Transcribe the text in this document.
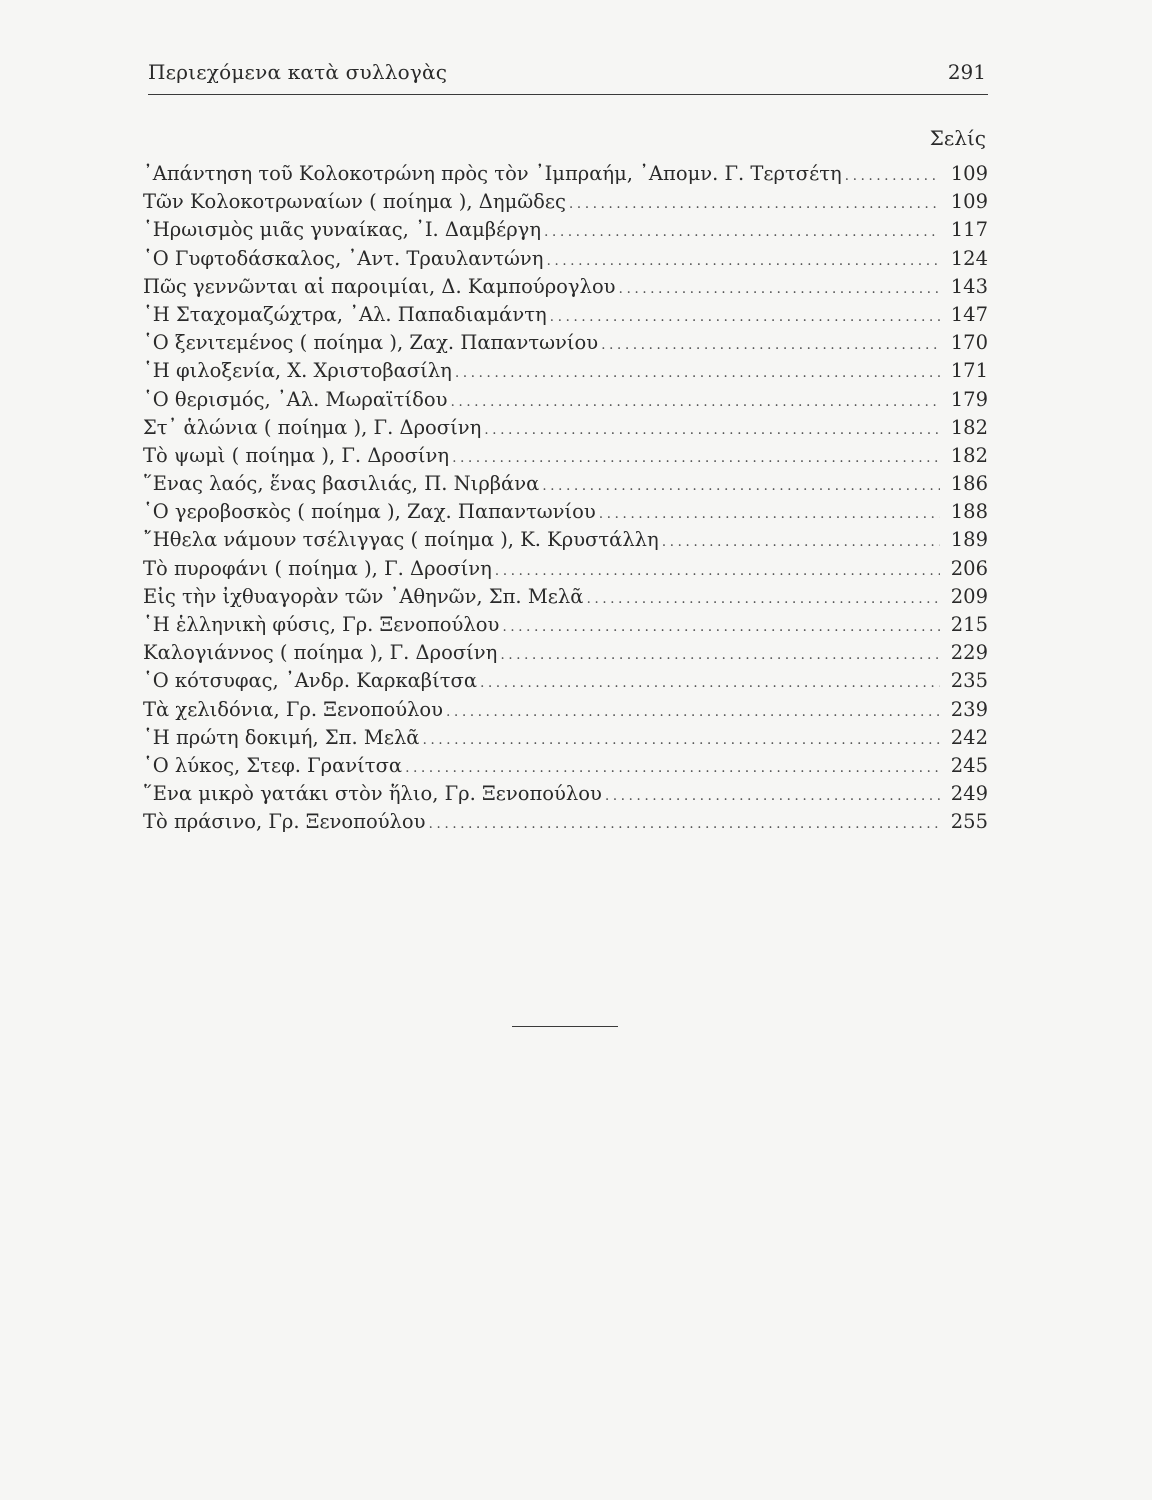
Περιεχόμενα κατὰ συλλογὰς	291
Σελίς
᾿Απάντηση τοῦ Κολοκοτρώνη πρὸς τὸν ᾿Ιμπραήμ, ᾿Απομν. Γ. Τερτσέτη . . .	109
Τῶν Κολοκοτρωναίων ( ποίημα ), Δημῶδες . . .	109
῾Ηρωισμὸς μιᾶς γυναίκας, ᾿Ι. Δαμβέργη . . .	117
῾Ο Γυφτοδάσκαλος, ᾿Αντ. Τραυλαντώνη . . .	124
Πῶς γεννῶνται αἱ παροιμίαι, Δ. Καμπούρογλου . . .	143
῾Η Σταχομαζώχτρα, ᾿Αλ. Παπαδιαμάντη . . .	147
῾Ο ξενιτεμένος ( ποίημα ), Ζαχ. Παπαντωνίου . . .	170
῾Η φιλοξενία, Χ. Χριστοβασίλη . . .	171
῾Ο θερισμός, ᾿Αλ. Μωραϊτίδου . . .	179
Στ᾿ ἁλώνια ( ποίημα ), Γ. Δροσίνη . . .	182
Τὸ ψωμὶ ( ποίημα ), Γ. Δροσίνη . . .	182
῞Ενας λαός, ἕνας βασιλιάς, Π. Νιρβάνα . . .	186
῾Ο γεροβοσκὸς ( ποίημα ), Ζαχ. Παπαντωνίου . . .	188
῎Ηθελα νάμουν τσέλιγγας ( ποίημα ), Κ. Κρυστάλλη . . .	189
Τὸ πυροφάνι ( ποίημα ), Γ. Δροσίνη . . .	206
Εἰς τὴν ἰχθυαγορὰν τῶν ᾿Αθηνῶν, Σπ. Μελᾶ . . .	209
῾Η ἑλληνικὴ φύσις, Γρ. Ξενοπούλου . . .	215
Καλογιάννος ( ποίημα ), Γ. Δροσίνη . . .	229
῾Ο κότσυφας, ᾿Ανδρ. Καρκαβίτσα . . .	235
Τὰ χελιδόνια, Γρ. Ξενοπούλου . . .	239
῾Η πρώτη δοκιμή, Σπ. Μελᾶ . . .	242
῾Ο λύκος, Στεφ. Γρανίτσα . . .	245
῞Ενα μικρὸ γατάκι στὸν ἥλιο, Γρ. Ξενοπούλου . . .	249
Τὸ πράσινο, Γρ. Ξενοπούλου . . .	255
